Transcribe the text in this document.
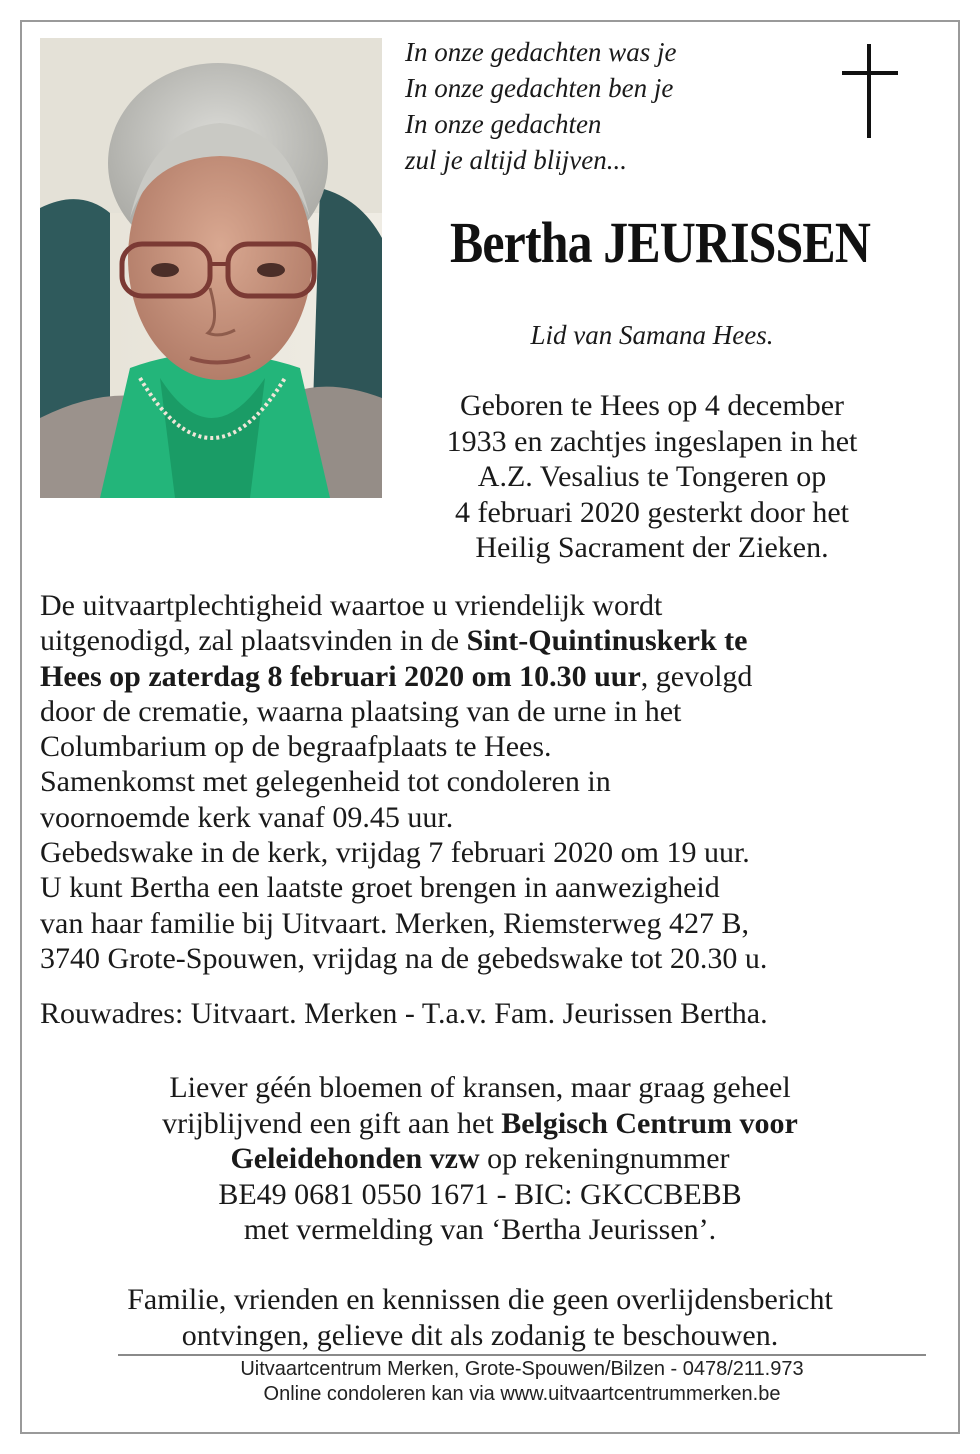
In onze gedachten was je
In onze gedachten ben je
In onze gedachten
zul je altijd blijven...
Bertha JEURISSEN
Lid van Samana Hees.
Geboren te Hees op 4 december
1933 en zachtjes ingeslapen in het
A.Z. Vesalius te Tongeren op
4 februari 2020 gesterkt door het
Heilig Sacrament der Zieken.
De uitvaartplechtigheid waartoe u vriendelijk wordt
uitgenodigd, zal plaatsvinden in de Sint-Quintinuskerk te
Hees op zaterdag 8 februari 2020 om 10.30 uur, gevolgd
door de crematie, waarna plaatsing van de urne in het
Columbarium op de begraafplaats te Hees.
Samenkomst met gelegenheid tot condoleren in
voornoemde kerk vanaf 09.45 uur.
Gebedswake in de kerk, vrijdag 7 februari 2020 om 19 uur.
U kunt Bertha een laatste groet brengen in aanwezigheid
van haar familie bij Uitvaart. Merken, Riemsterweg 427 B,
3740 Grote-Spouwen, vrijdag na de gebedswake tot 20.30 u.
Rouwadres: Uitvaart. Merken - T.a.v. Fam. Jeurissen Bertha.
Liever géén bloemen of kransen, maar graag geheel
vrijblijvend een gift aan het Belgisch Centrum voor
Geleidehonden vzw op rekeningnummer
BE49 0681 0550 1671 - BIC: GKCCBEBB
met vermelding van ‘Bertha Jeurissen’.
Familie, vrienden en kennissen die geen overlijdensbericht
ontvingen, gelieve dit als zodanig te beschouwen.
Uitvaartcentrum Merken, Grote-Spouwen/Bilzen - 0478/211.973
Online condoleren kan via www.uitvaartcentrummerken.be
